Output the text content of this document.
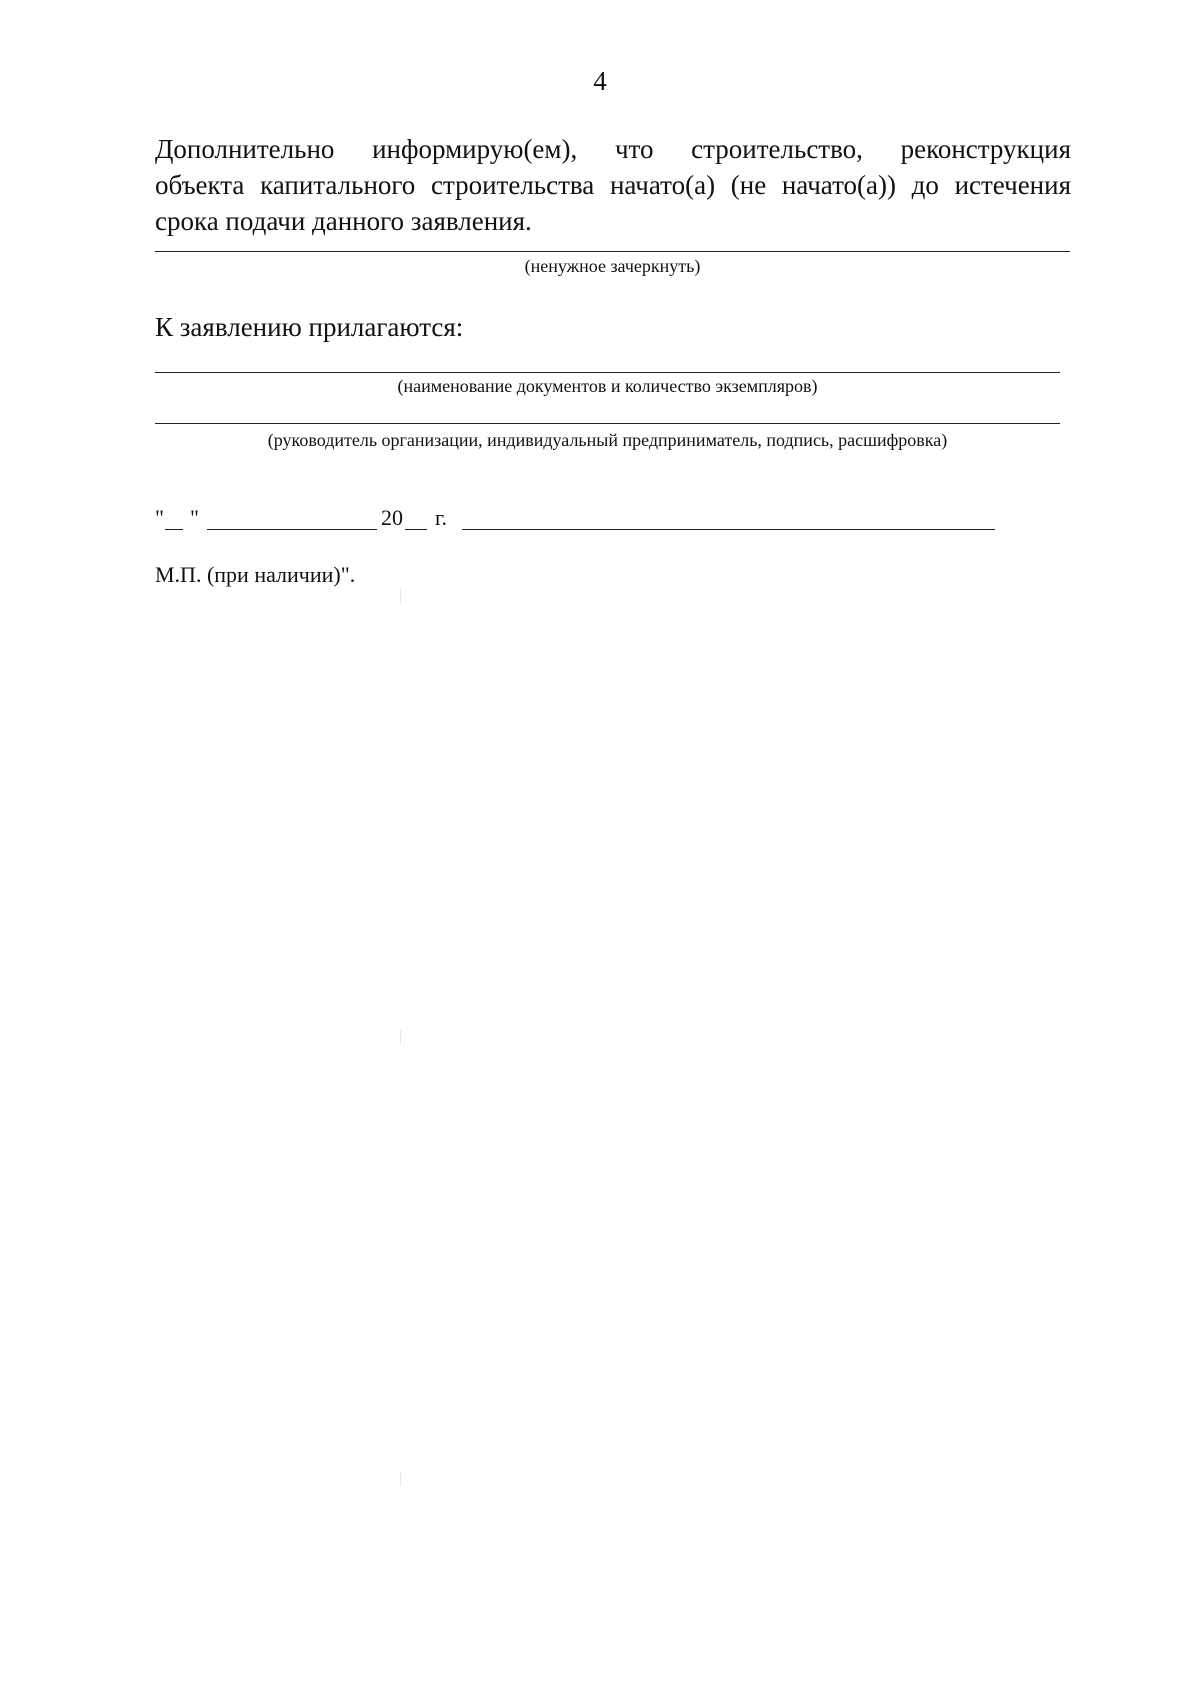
4

Дополнительно информирую(ем), что строительство, реконструкция
объекта капитального строительства начато(а) (не начато(а)) до истечения
срока подачи данного заявления.

(ненужное зачеркнуть)
К заявлению прилагаются:
(наименование документов и количество экземпляров)
(руководитель организации, индивидуальный предприниматель, подпись, расшифровка)
" "	20 г.
М.П. (при наличии)".
